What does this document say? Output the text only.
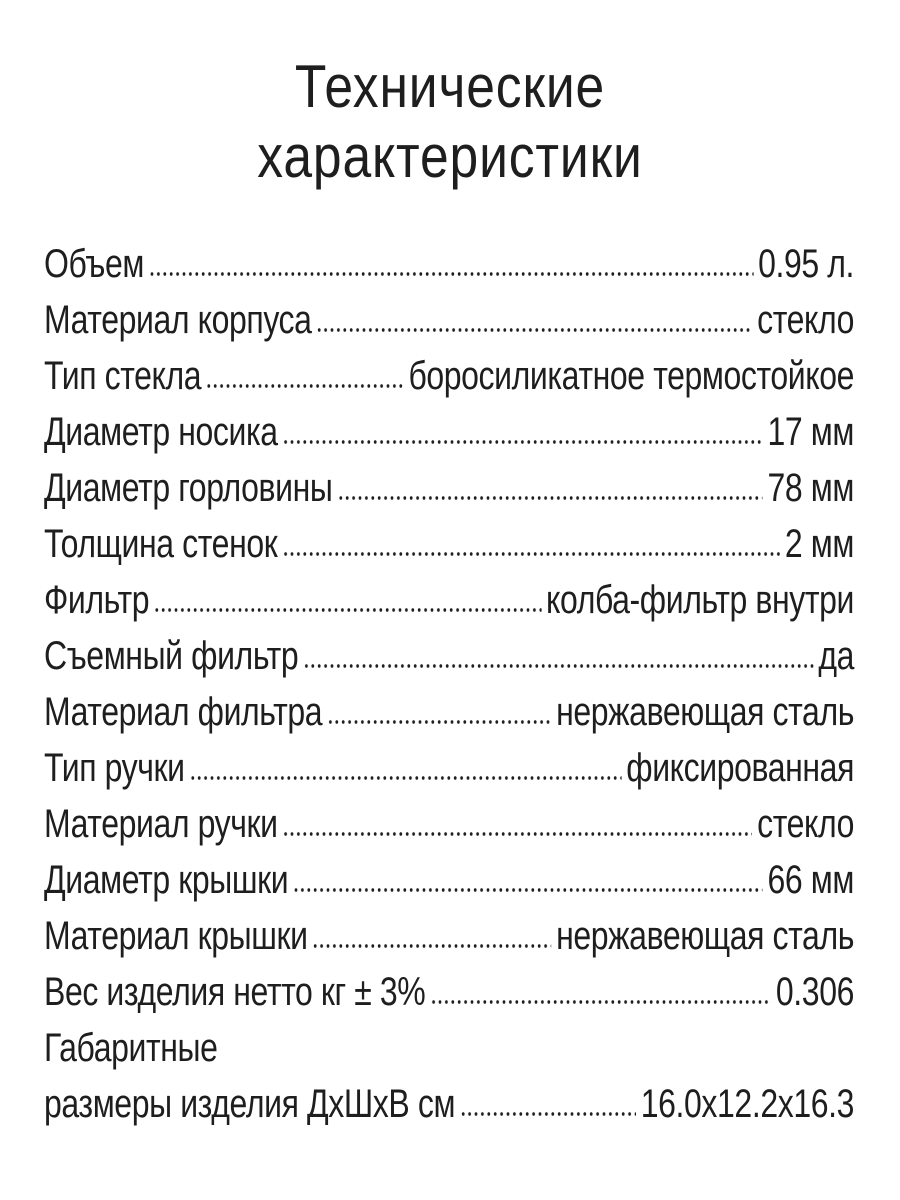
Технические
характеристики
Объем	0.95 л.
Материал корпуса	стекло
Тип стекла	боросиликатное термостойкое
Диаметр носика	17 мм
Диаметр горловины	78 мм
Толщина стенок	2 мм
Фильтр	колба-фильтр внутри
Съемный фильтр	да
Материал фильтра	нержавеющая сталь
Тип ручки	фиксированная
Материал ручки	стекло
Диаметр крышки	66 мм
Материал крышки	нержавеющая сталь
Вес изделия нетто кг ± 3%	0.306
Габаритные
размеры изделия ДхШхВ см	16.0х12.2х16.3
